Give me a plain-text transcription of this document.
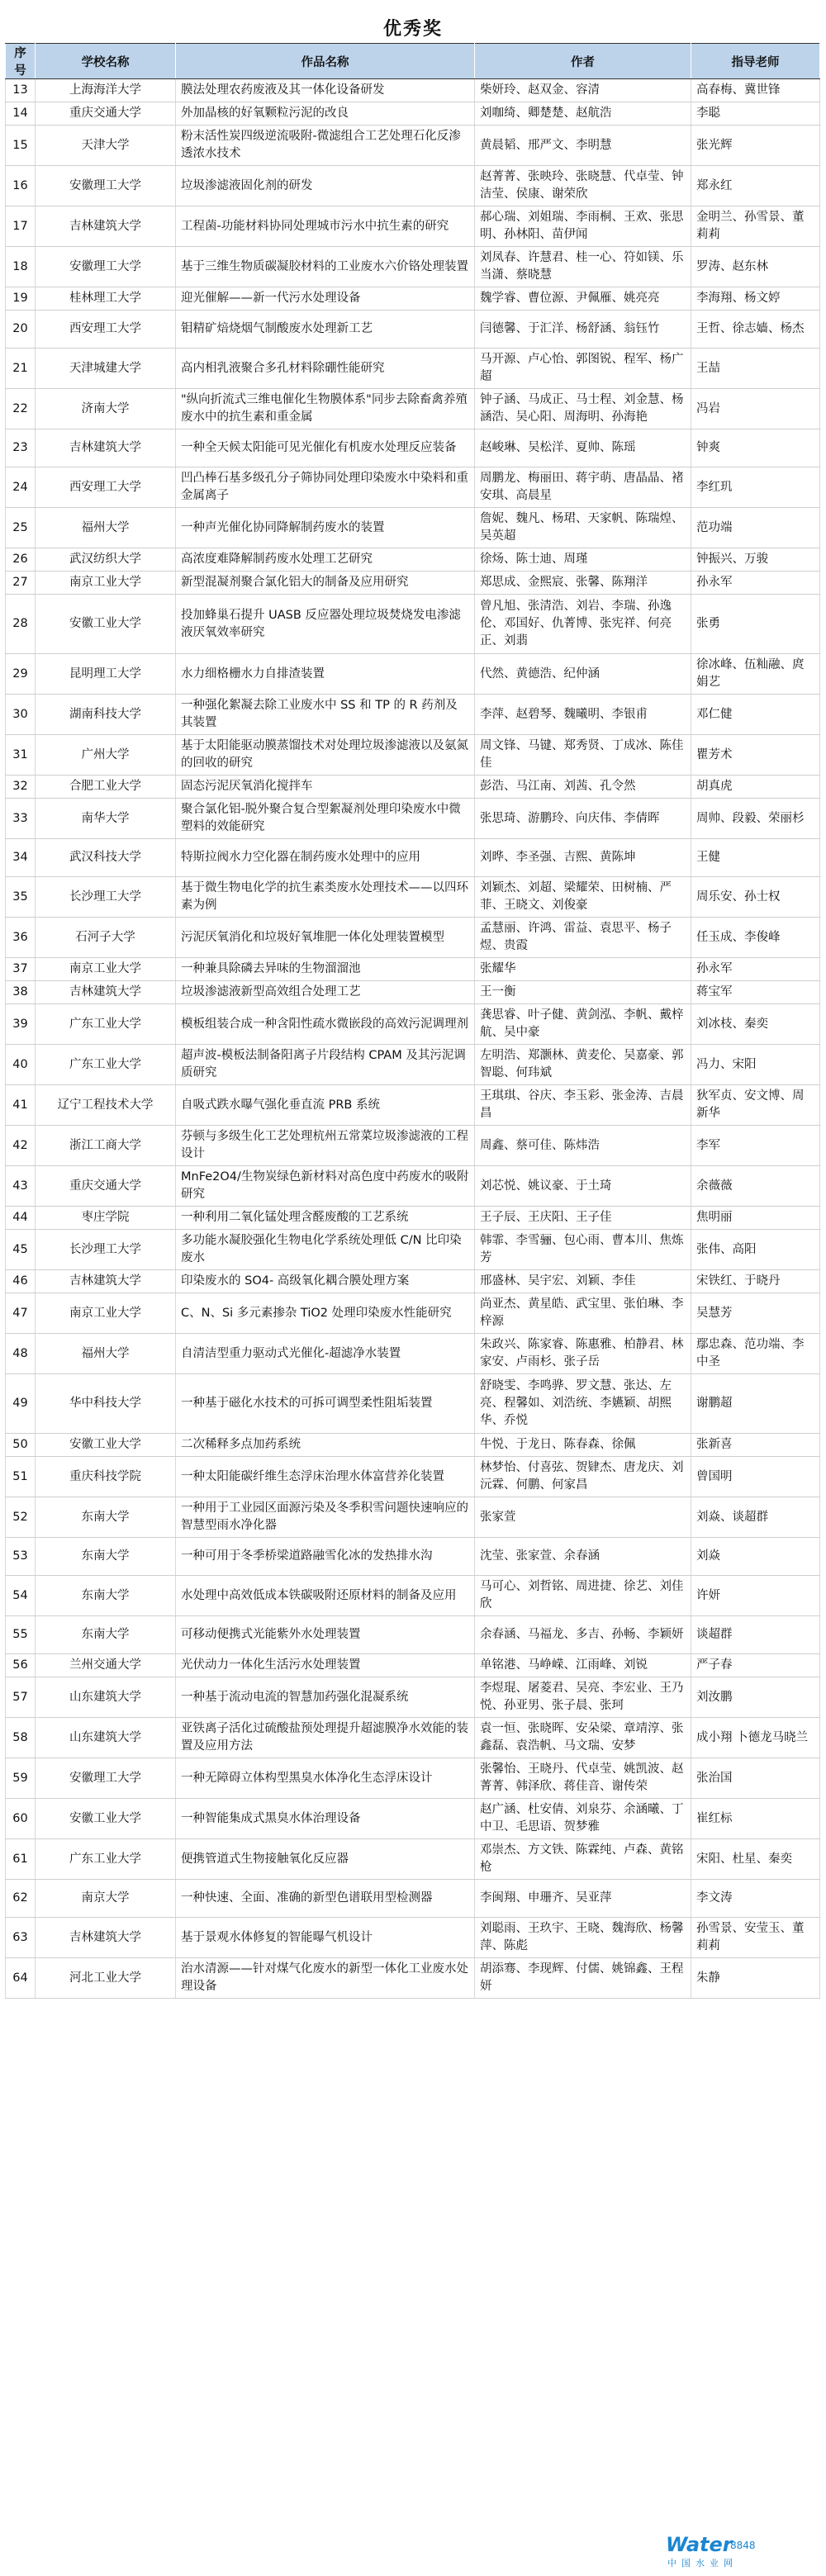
优秀奖
序号	学校名称	作品名称	作者	指导老师
13	上海海洋大学	膜法处理农药废液及其一体化设备研发	柴妍玲、赵双金、容清	高春梅、冀世锋
14	重庆交通大学	外加晶核的好氧颗粒污泥的改良	刘咖绮、卿楚楚、赵航浩	李聪
15	天津大学	粉末活性炭四级逆流吸附-微滤组合工艺处理石化反渗透浓水技术	黄晨韬、邢严文、李明慧	张光辉
16	安徽理工大学	垃圾渗滤液固化剂的研发	赵菁菁、张映玲、张晓慧、代卓莹、钟洁莹、侯康、谢荣欣	郑永红
17	吉林建筑大学	工程菌-功能材料协同处理城市污水中抗生素的研究	郝心瑞、刘姐瑞、李雨桐、王欢、张思明、孙林阳、苗伊闻	金明兰、孙雪景、董莉莉
18	安徽理工大学	基于三维生物质碳凝胶材料的工业废水六价铬处理装置	刘凤春、许慧君、桂一心、符如镁、乐当潇、蔡晓慧	罗涛、赵东林
19	桂林理工大学	迎光催解——新一代污水处理设备	魏学睿、曹位源、尹佩雁、姚亮亮	李海翔、杨文婷
20	西安理工大学	钼精矿焙烧烟气制酸废水处理新工艺	闫德馨、于汇洋、杨舒涵、翁钰竹	王哲、徐志嫱、杨杰
21	天津城建大学	高内相乳液聚合多孔材料除硼性能研究	马开源、卢心怡、郭图锐、程军、杨广超	王喆
22	济南大学	"纵向折流式三维电催化生物膜体系"同步去除畜禽养殖废水中的抗生素和重金属	钟子涵、马成正、马士程、刘金慧、杨涵浩、吴心阳、周海明、孙海艳	冯岩
23	吉林建筑大学	一种全天候太阳能可见光催化有机废水处理反应装备	赵峻琳、吴松洋、夏帅、陈瑶	钟爽
24	西安理工大学	凹凸棒石基多级孔分子筛协同处理印染废水中染料和重金属离子	周鹏龙、梅丽田、蒋宇萌、唐晶晶、褚安琪、高晨星	李红玑
25	福州大学	一种声光催化协同降解制药废水的装置	詹妮、魏凡、杨珺、天家帆、陈瑞煌、吴英超	范功端
26	武汉纺织大学	高浓度难降解制药废水处理工艺研究	徐炀、陈士迪、周瑾	钟振兴、万骏
27	南京工业大学	新型混凝剂聚合氯化铝大的制备及应用研究	郑思成、金熙宸、张馨、陈翔洋	孙永军
28	安徽工业大学	投加蜂巢石提升 UASB 反应器处理垃圾焚烧发电渗滤液厌氧效率研究	曾凡旭、张清浩、刘岩、李瑞、孙逸伦、邓国好、仇菁博、张宪祥、何亮正、刘翡	张勇
29	昆明理工大学	水力细格栅水力自排渣装置	代然、黄德浩、纪仲涵	徐冰峰、伍籼融、庹娟艺
30	湖南科技大学	一种强化絮凝去除工业废水中 SS 和 TP 的 R 药剂及其装置	李萍、赵碧琴、魏曦明、李银甫	邓仁健
31	广州大学	基于太阳能驱动膜蒸馏技术对处理垃圾渗滤液以及氨氮的回收的研究	周文锋、马键、郑秀贤、丁成冰、陈佳佳	瞿芳术
32	合肥工业大学	固态污泥厌氧消化搅拌车	彭浩、马江南、刘茜、孔令然	胡真虎
33	南华大学	聚合氯化铝-脱外聚合复合型絮凝剂处理印染废水中微塑料的效能研究	张思琦、游鹏玲、向庆伟、李倩晖	周帅、段毅、荣丽杉
34	武汉科技大学	特斯拉阀水力空化器在制药废水处理中的应用	刘晔、李圣强、吉熙、黄陈坤	王健
35	长沙理工大学	基于微生物电化学的抗生素类废水处理技术——以四环素为例	刘颖杰、刘超、梁耀荣、田树楠、严菲、王晓文、刘俊豪	周乐安、孙士权
36	石河子大学	污泥厌氧消化和垃圾好氧堆肥一体化处理装置模型	孟慧丽、许鸿、雷益、袁思平、杨子煜、贵霞	任玉成、李俊峰
37	南京工业大学	一种兼具除磷去异味的生物溜溜池	张耀华	孙永军
38	吉林建筑大学	垃圾渗滤液新型高效组合处理工艺	王一衡	蒋宝军
39	广东工业大学	模板组装合成一种含阳性疏水微嵌段的高效污泥调理剂	龚思睿、叶子健、黄剑泓、李帆、戴梓航、吴中豪	刘冰枝、秦奕
40	广东工业大学	超声波-模板法制备阳离子片段结构 CPAM 及其污泥调质研究	左明浩、郑灏林、黄麦伦、吴嘉豪、郭智聪、何玮斌	冯力、宋阳
41	辽宁工程技术大学	自吸式跌水曝气强化垂直流 PRB 系统	王琪琪、谷庆、李玉彩、张金涛、吉晨昌	狄军贞、安文博、周新华
42	浙江工商大学	芬顿与多级生化工艺处理杭州五常菜垃圾渗滤液的工程设计	周鑫、蔡可佳、陈炜浩	李军
43	重庆交通大学	MnFe2O4/生物炭绿色新材料对高色度中药废水的吸附研究	刘芯悦、姚议豪、于土琦	余薇薇
44	枣庄学院	一种利用二氧化锰处理含醛废酸的工艺系统	王子辰、王庆阳、王子佳	焦明丽
45	长沙理工大学	多功能水凝胶强化生物电化学系统处理低 C/N 比印染废水	韩霏、李雪骊、包心雨、曹本川、焦炼芳	张伟、高阳
46	吉林建筑大学	印染废水的 SO4- 高级氧化耦合膜处理方案	邢盛林、吴宇宏、刘颖、李佳	宋铁红、于晓丹
47	南京工业大学	C、N、Si 多元素掺杂 TiO2 处理印染废水性能研究	尚亚杰、黄星皓、武宝里、张伯琳、李梓源	吴慧芳
48	福州大学	自清洁型重力驱动式光催化-超滤净水装置	朱政兴、陈家睿、陈惠雅、柏静君、林家安、卢雨杉、张子岳	鄢忠森、范功端、李中圣
49	华中科技大学	一种基于磁化水技术的可拆可调型柔性阻垢装置	舒晓雯、李鸣骅、罗文慧、张达、左亮、程馨如、刘浩统、李嬿颖、胡熙华、乔悦	谢鹏超
50	安徽工业大学	二次稀释多点加药系统	牛悦、于龙日、陈春森、徐佩	张新喜
51	重庆科技学院	一种太阳能碳纤维生态浮床治理水体富营养化装置	林梦怡、付喜弦、贺肄杰、唐龙庆、刘沅霖、何鹏、何家昌	曾国明
52	东南大学	一种用于工业园区面源污染及冬季积雪问题快速响应的智慧型雨水净化器	张家萱	刘焱、谈超群
53	东南大学	一种可用于冬季桥梁道路融雪化冰的发热排水沟	沈莹、张家萱、余春涵	刘焱
54	东南大学	水处理中高效低成本铁碳吸附还原材料的制备及应用	马可心、刘哲铭、周进捷、徐艺、刘佳欣	许妍
55	东南大学	可移动便携式光能紫外水处理装置	余春涵、马福龙、多吉、孙畅、李颖妍	谈超群
56	兰州交通大学	光伏动力一体化生活污水处理装置	单铭港、马峥嵘、江雨峰、刘锐	严子春
57	山东建筑大学	一种基于流动电流的智慧加药强化混凝系统	李煜琨、屠菱君、吴亮、李宏业、王乃悦、孙亚男、张子晨、张珂	刘汝鹏
58	山东建筑大学	亚铁离子活化过硫酸盐预处理提升超滤膜净水效能的装置及应用方法	袁一恒、张晓晖、安朵梁、章靖淳、张鑫磊、袁浩帆、马文瑞、安梦	成小翔 卜德龙马晓兰
59	安徽理工大学	一种无障碍立体构型黑臭水体净化生态浮床设计	张馨怡、王晓丹、代卓莹、姚凯波、赵菁菁、韩泽欣、蒋佳音、谢传荣	张治国
60	安徽工业大学	一种智能集成式黑臭水体治理设备	赵广涵、杜安倩、刘泉芬、余涵曦、丁中卫、毛思语、贺梦雅	崔红标
61	广东工业大学	便携管道式生物接触氧化反应器	邓崇杰、方文铁、陈霖纯、卢森、黄铭枪	宋阳、杜星、秦奕
62	南京大学	一种快速、全面、准确的新型色谱联用型检测器	李闽翔、申珊齐、吴亚萍	李文涛
63	吉林建筑大学	基于景观水体修复的智能曝气机设计	刘聪雨、王玖宇、王晓、魏海欣、杨馨萍、陈彪	孙雪景、安莹玉、董莉莉
64	河北工业大学	治水清源——针对煤气化废水的新型一体化工业废水处理设备	胡添骞、李现辉、付儒、姚锦鑫、王程妍	朱静
Water
8848
中国水业网
